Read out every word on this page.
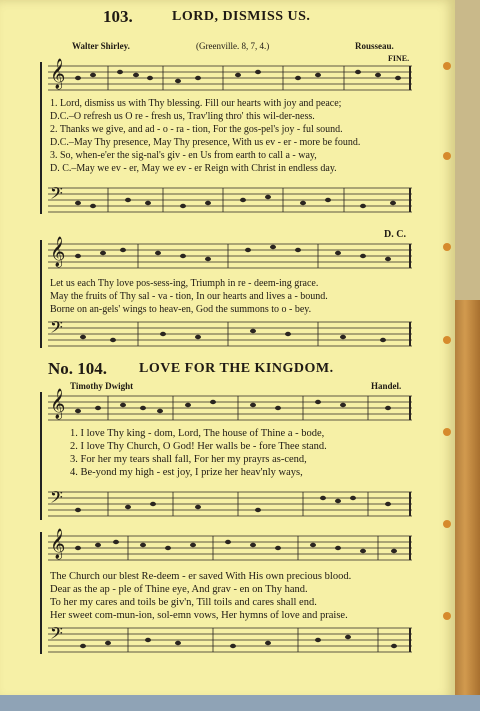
103.	LORD, DISMISS US.
Walter Shirley.	(Greenville. 8, 7, 4.)	Rousseau.
FINE.
𝄞
1. Lord, dismiss us with Thy blessing. Fill our hearts with joy and peace;
D.C.–O refresh us O re - fresh us, Trav'ling thro' this wil-der-ness.
2. Thanks we give, and ad - o - ra - tion, For the gos-pel's joy - ful sound.
D.C.–May Thy presence, May Thy presence, With us ev - er - more be found.
3. So, when-e'er the sig-nal's giv - en Us from earth to call a - way,
D. C.–May we ev - er, May we ev - er Reign with Christ in endless day.
𝄢
D. C.
𝄞
Let us each Thy love pos-sess-ing, Triumph in re - deem-ing grace.
May the fruits of Thy sal - va - tion, In our hearts and lives a - bound.
Borne on an-gels' wings to heav-en, God the summons to o - bey.
𝄢
No. 104. LOVE FOR THE KINGDOM.
Timothy Dwight	Handel.
𝄞
1. I love Thy king - dom, Lord, The house of Thine a - bode,
2. I love Thy Church, O God! Her walls be - fore Thee stand.
3. For her my tears shall fall, For her my prayrs as-cend,
4. Be-yond my high - est joy, I prize her heav'nly ways,
𝄢
𝄞
The Church our blest Re-deem - er saved With His own precious blood.
Dear as the ap - ple of Thine eye, And grav - en on Thy hand.
To her my cares and toils be giv'n, Till toils and cares shall end.
Her sweet com-mun-ion, sol-emn vows, Her hymns of love and praise.
𝄢
